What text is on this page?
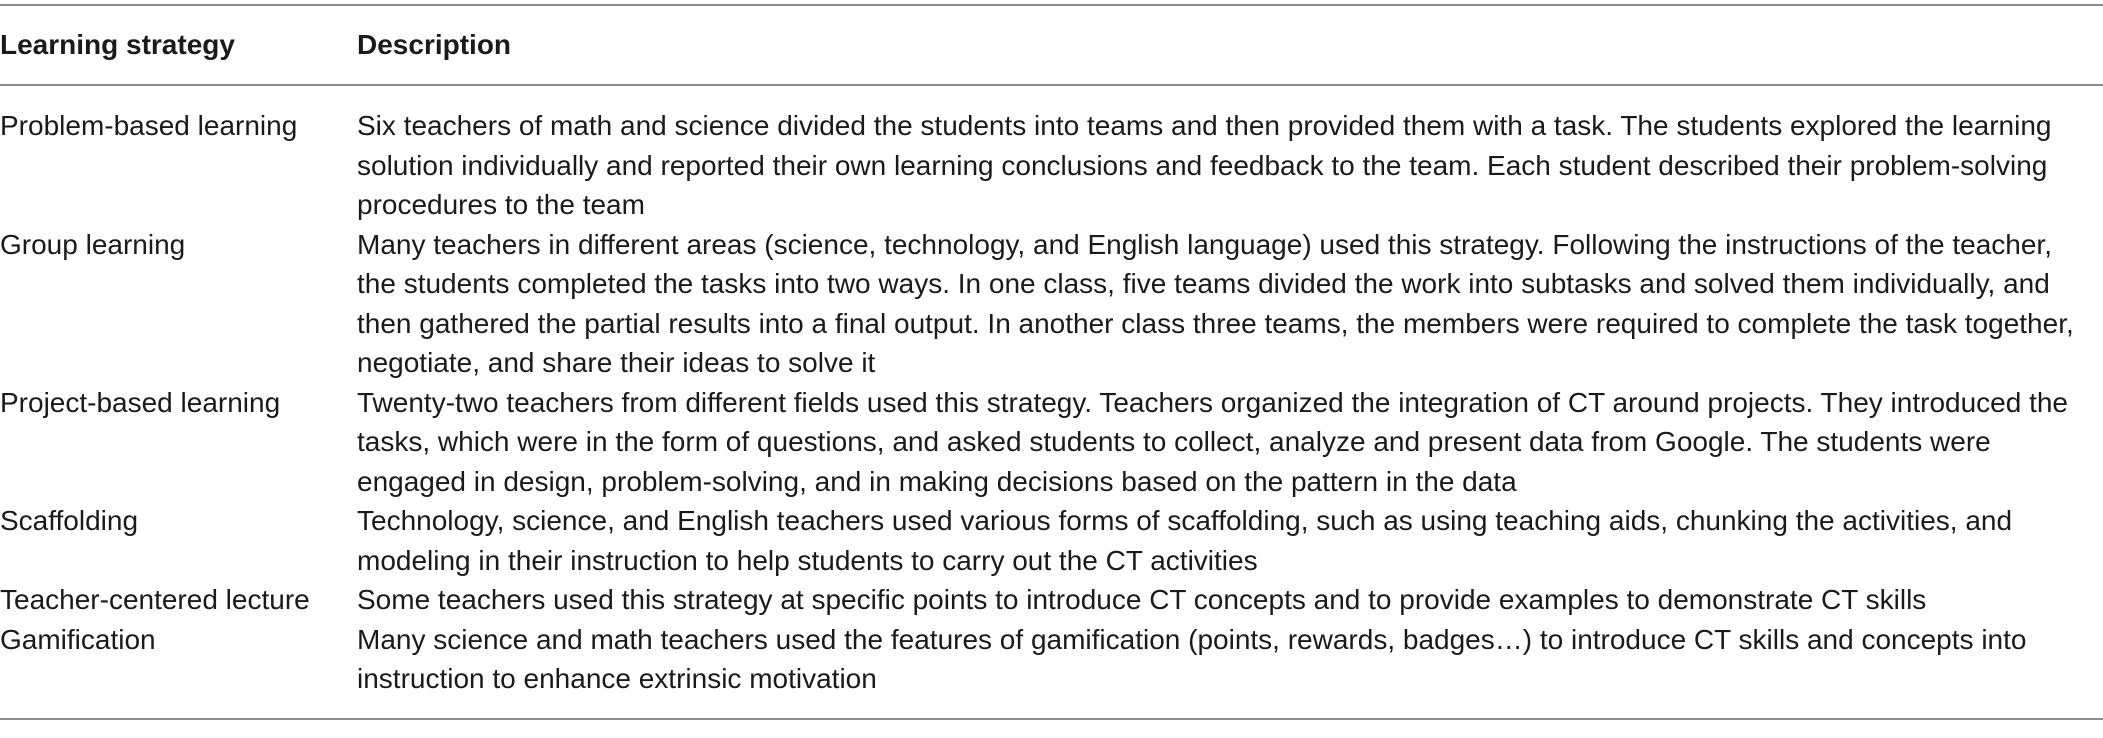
Learning strategy	Description
Problem-based learning	Six teachers of math and science divided the students into teams and then provided them with a task. The students explored the learning solution individually and reported their own learning conclusions and feedback to the team. Each student described their problem-solving procedures to the team
Group learning	Many teachers in different areas (science, technology, and English language) used this strategy. Following the instructions of the teacher, the students completed the tasks into two ways. In one class, five teams divided the work into subtasks and solved them individually, and then gathered the partial results into a final output. In another class three teams, the members were required to complete the task together, negotiate, and share their ideas to solve it
Project-based learning	Twenty-two teachers from different fields used this strategy. Teachers organized the integration of CT around projects. They introduced the tasks, which were in the form of questions, and asked students to collect, analyze and present data from Google. The students were engaged in design, problem-solving, and in making decisions based on the pattern in the data
Scaffolding	Technology, science, and English teachers used various forms of scaffolding, such as using teaching aids, chunking the activities, and modeling in their instruction to help students to carry out the CT activities
Teacher-centered lecture	Some teachers used this strategy at specific points to introduce CT concepts and to provide examples to demonstrate CT skills
Gamification	Many science and math teachers used the features of gamification (points, rewards, badges…) to introduce CT skills and concepts into instruction to enhance extrinsic motivation
